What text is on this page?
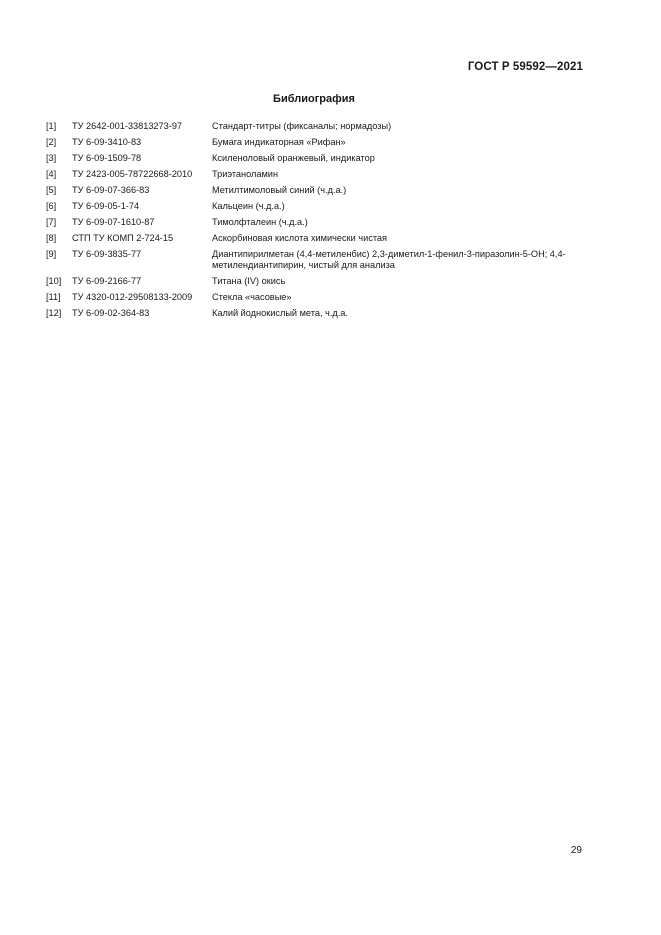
ГОСТ Р 59592—2021
Библиография
[1]	ТУ 2642-001-33813273-97	Стандарт-титры (фиксаналы; нормадозы)
[2]	ТУ 6-09-3410-83	Бумага индикаторная «Рифан»
[3]	ТУ 6-09-1509-78	Ксиленоловый оранжевый, индикатор
[4]	ТУ 2423-005-78722668-2010	Триэтаноламин
[5]	ТУ 6-09-07-366-83	Метилтимоловый синий (ч.д.а.)
[6]	ТУ 6-09-05-1-74	Кальцеин (ч.д.а.)
[7]	ТУ 6-09-07-1610-87	Тимолфталеин (ч.д.а.)
[8]	СТП ТУ КОМП 2-724-15	Аскорбиновая кислота химически чистая
[9]	ТУ 6-09-3835-77	Диантипирилметан (4,4-метиленбис) 2,3-диметил-1-фенил-3-пиразолин-5-ОН; 4,4-метилендиантипирин, чистый для анализа
[10]	ТУ 6-09-2166-77	Титана (IV) окись
[11]	ТУ 4320-012-29508133-2009	Стекла «часовые»
[12]	ТУ 6-09-02-364-83	Калий йоднокислый мета, ч.д.а.
29
